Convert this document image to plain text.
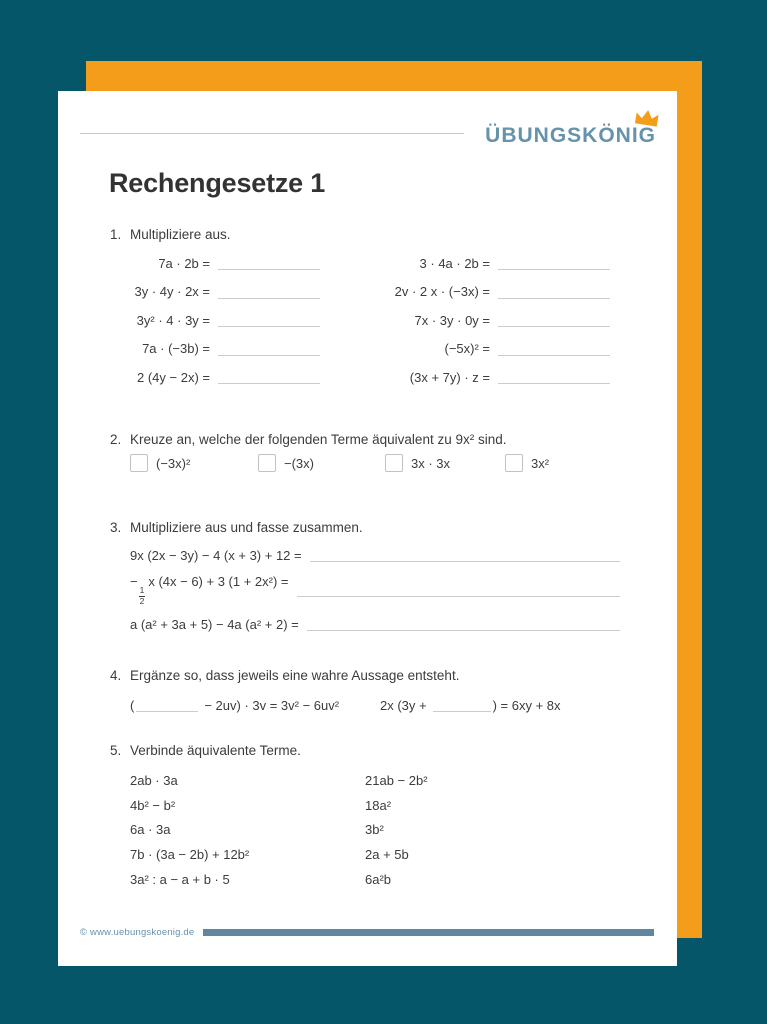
ÜBUNGSKÖNIG
Rechengesetze 1
1. Multipliziere aus.
7a · 2b =
3y · 4y · 2x =
3y² · 4 · 3y =
7a · (−3b) =
2 (4y − 2x) =
3 · 4a · 2b =
2v · 2 x · (−3x) =
7x · 3y · 0y =
(−5x)² =
(3x + 7y) · z =
2. Kreuze an, welche der folgenden Terme äquivalent zu 9x² sind.
(−3x)²	−(3x)	3x · 3x	3x²
3. Multipliziere aus und fasse zusammen.
9x (2x − 3y) − 4 (x + 3) + 12 =
−
$\frac{1}{2}$
x (4x − 6) + 3 (1 + 2x²) =
a (a² + 3a + 5) − 4a (a² + 2) =
4. Ergänze so, dass jeweils eine wahre Aussage entsteht.
(	− 2uv) · 3v = 3v² − 6uv²	2x (3y +	) = 6xy + 8x
5. Verbinde äquivalente Terme.
2ab · 3a
4b² − b²
6a · 3a
7b · (3a − 2b) + 12b²
3a² : a − a + b · 5
21ab − 2b²
18a²
3b²
2a + 5b
6a²b
© www.uebungskoenig.de
